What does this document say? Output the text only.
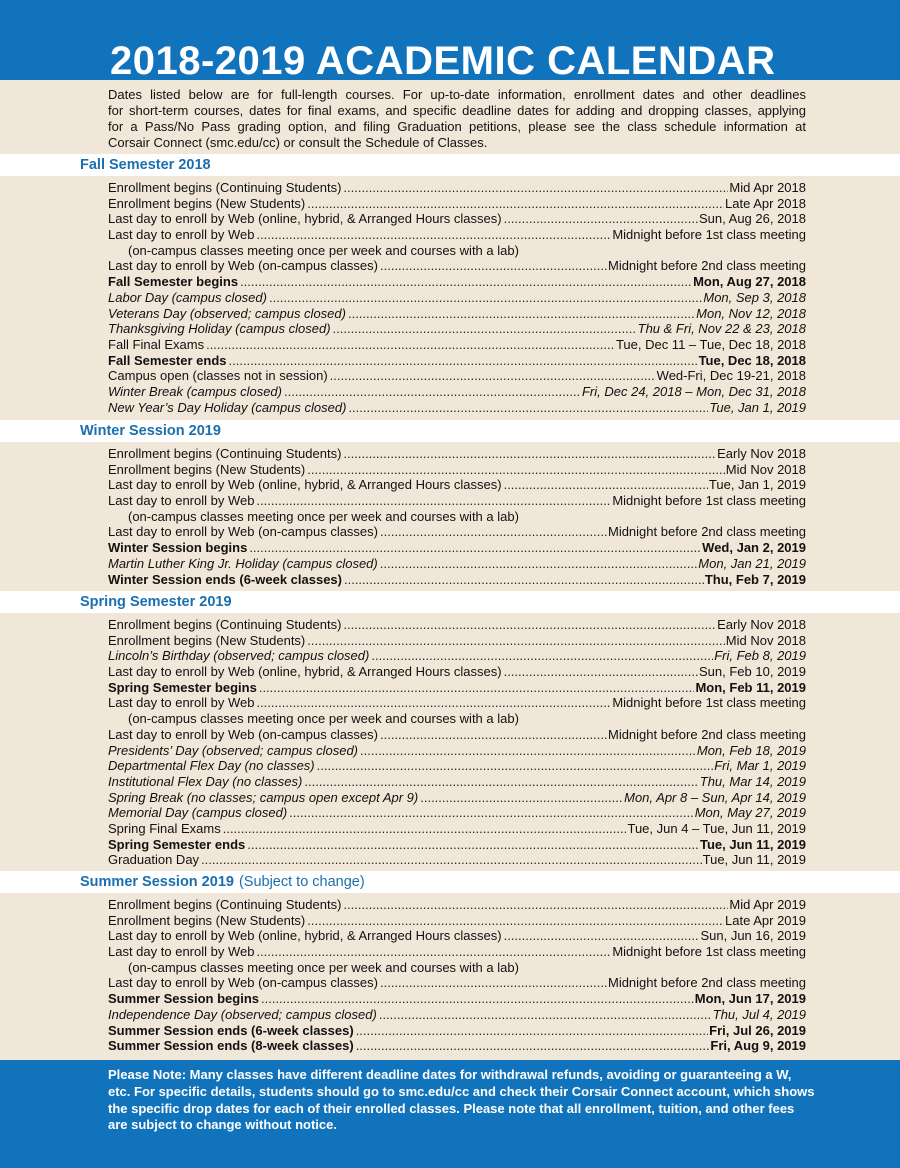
2018-2019 ACADEMIC CALENDAR
Dates listed below are for full-length courses. For up-to-date information, enrollment dates and other deadlines
for short-term courses, dates for final exams, and specific deadline dates for adding and dropping classes, applying
for a Pass/No Pass grading option, and filing Graduation petitions, please see the class schedule information at
Corsair Connect (smc.edu/cc) or consult the Schedule of Classes.
Fall Semester 2018
Enrollment begins (Continuing Students) .....	Mid Apr 2018
Enrollment begins (New Students) .....	Late Apr 2018
Last day to enroll by Web (online, hybrid, & Arranged Hours classes) .....	Sun, Aug 26, 2018
Last day to enroll by Web .....	Midnight before 1st class meeting
(on-campus classes meeting once per week and courses with a lab)
Last day to enroll by Web (on-campus classes) .....	Midnight before 2nd class meeting
Fall Semester begins .....	Mon, Aug 27, 2018
Labor Day (campus closed) .....	Mon, Sep 3, 2018
Veterans Day (observed; campus closed) .....	Mon, Nov 12, 2018
Thanksgiving Holiday (campus closed) .....	Thu & Fri, Nov 22 & 23, 2018
Fall Final Exams .....	Tue, Dec 11 – Tue, Dec 18, 2018
Fall Semester ends .....	Tue, Dec 18, 2018
Campus open (classes not in session) .....	Wed-Fri, Dec 19-21, 2018
Winter Break (campus closed) .....	Fri, Dec 24, 2018 – Mon, Dec 31, 2018
New Year’s Day Holiday (campus closed) .....	Tue, Jan 1, 2019
Winter Session 2019
Enrollment begins (Continuing Students) .....	Early Nov 2018
Enrollment begins (New Students) .....	Mid Nov 2018
Last day to enroll by Web (online, hybrid, & Arranged Hours classes) .....	Tue, Jan 1, 2019
Last day to enroll by Web .....	Midnight before 1st class meeting
(on-campus classes meeting once per week and courses with a lab)
Last day to enroll by Web (on-campus classes) .....	Midnight before 2nd class meeting
Winter Session begins .....	Wed, Jan 2, 2019
Martin Luther King Jr. Holiday (campus closed) .....	Mon, Jan 21, 2019
Winter Session ends (6-week classes) .....	Thu, Feb 7, 2019
Spring Semester 2019
Enrollment begins (Continuing Students) .....	Early Nov 2018
Enrollment begins (New Students) .....	Mid Nov 2018
Lincoln’s Birthday (observed; campus closed) .....	Fri, Feb 8, 2019
Last day to enroll by Web (online, hybrid, & Arranged Hours classes) .....	Sun, Feb 10, 2019
Spring Semester begins .....	Mon, Feb 11, 2019
Last day to enroll by Web .....	Midnight before 1st class meeting
(on-campus classes meeting once per week and courses with a lab)
Last day to enroll by Web (on-campus classes) .....	Midnight before 2nd class meeting
Presidents’ Day (observed; campus closed) .....	Mon, Feb 18, 2019
Departmental Flex Day (no classes) .....	Fri, Mar 1, 2019
Institutional Flex Day (no classes) .....	Thu, Mar 14, 2019
Spring Break (no classes; campus open except Apr 9) .....	Mon, Apr 8 – Sun, Apr 14, 2019
Memorial Day (campus closed) .....	Mon, May 27, 2019
Spring Final Exams .....	Tue, Jun 4 – Tue, Jun 11, 2019
Spring Semester ends .....	Tue, Jun 11, 2019
Graduation Day .....	Tue, Jun 11, 2019
Summer Session 2019 (Subject to change)
Enrollment begins (Continuing Students) .....	Mid Apr 2019
Enrollment begins (New Students) .....	Late Apr 2019
Last day to enroll by Web (online, hybrid, & Arranged Hours classes) .....	Sun, Jun 16, 2019
Last day to enroll by Web .....	Midnight before 1st class meeting
(on-campus classes meeting once per week and courses with a lab)
Last day to enroll by Web (on-campus classes) .....	Midnight before 2nd class meeting
Summer Session begins .....	Mon, Jun 17, 2019
Independence Day (observed; campus closed) .....	Thu, Jul 4, 2019
Summer Session ends (6-week classes) .....	Fri, Jul 26, 2019
Summer Session ends (8-week classes) .....	Fri, Aug 9, 2019
Please Note: Many classes have different deadline dates for withdrawal refunds, avoiding or guaranteeing a W,
etc. For specific details, students should go to smc.edu/cc and check their Corsair Connect account, which shows
the specific drop dates for each of their enrolled classes. Please note that all enrollment, tuition, and other fees
are subject to change without notice.
